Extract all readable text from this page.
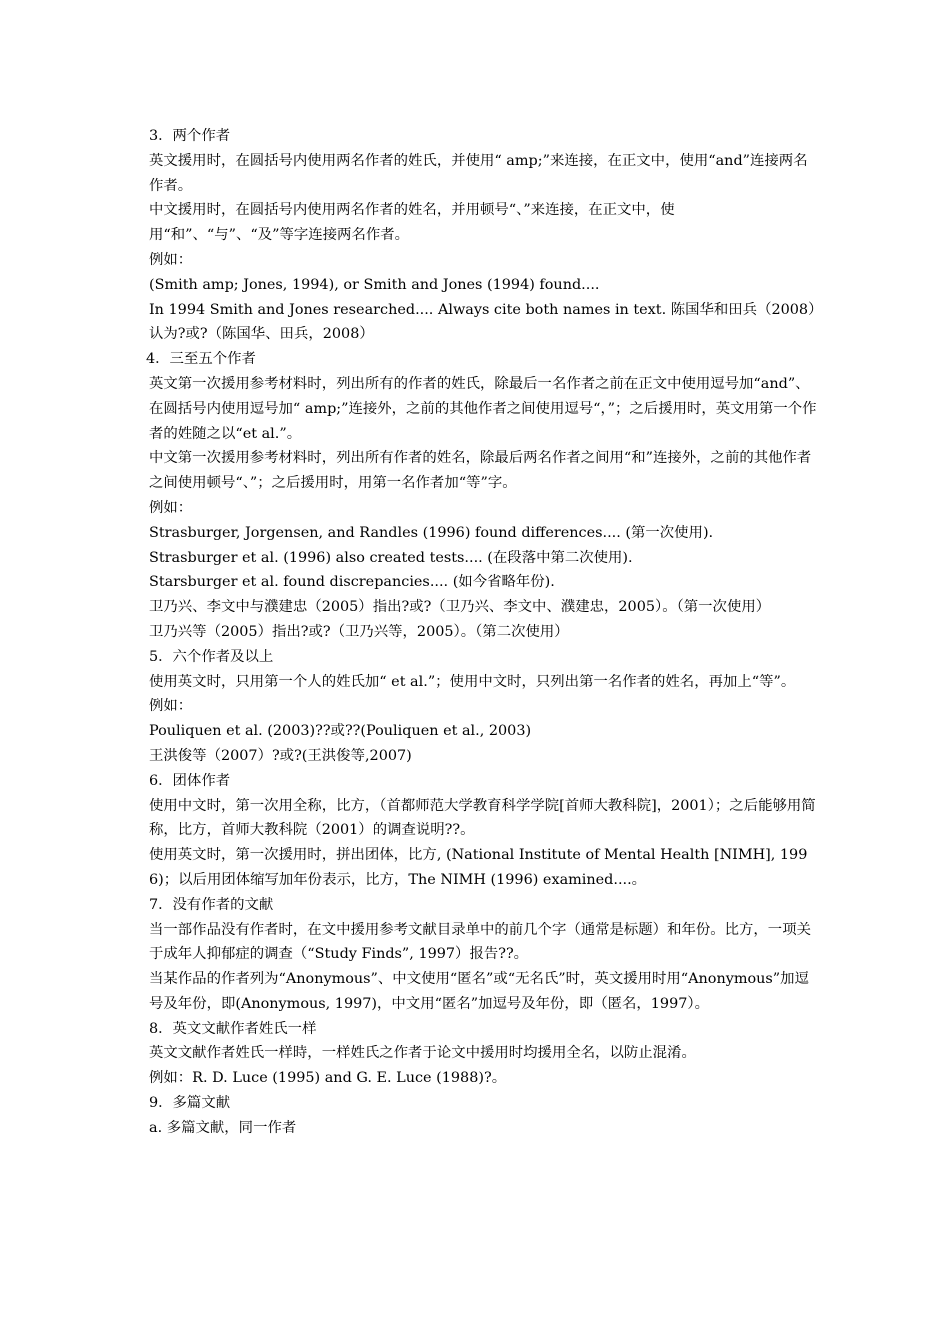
3．两个作者

英文援用时，在圆括号内使用两名作者的姓氏，并使用“ amp;”来连接，在正文中，使用“and”连接两名作者。

中文援用时，在圆括号内使用两名作者的姓名，并用顿号“、”来连接，在正文中，使用“和”、“与”、“及”等字连接两名作者。

例如：

(Smith amp; Jones, 1994), or Smith and Jones (1994) found....

In 1994 Smith and Jones researched.... Always cite both names in text. 陈国华和田兵（2008）认为?或?（陈国华、田兵，2008）

4．三至五个作者

英文第一次援用参考材料时，列出所有的作者的姓氏，除最后一名作者之前在正文中使用逗号加“and”、在圆括号内使用逗号加“ amp;”连接外，之前的其他作者之间使用逗号“，”；之后援用时，英文用第一个作者的姓随之以“et al.”。

中文第一次援用参考材料时，列出所有作者的姓名，除最后两名作者之间用“和”连接外，之前的其他作者之间使用顿号“、”；之后援用时，用第一名作者加“等”字。

例如：

Strasburger, Jorgensen, and Randles (1996) found differences.... (第一次使用).

Strasburger et al. (1996) also created tests.... (在段落中第二次使用).

Starsburger et al. found discrepancies.... (如今省略年份).

卫乃兴、李文中与濮建忠（2005）指出?或?（卫乃兴、李文中、濮建忠，2005）。（第一次使用）

卫乃兴等（2005）指出?或?（卫乃兴等，2005）。（第二次使用）

5．六个作者及以上

使用英文时，只用第一个人的姓氏加“ et al.”；使用中文时，只列出第一名作者的姓名，再加上“等”。

例如：

Pouliquen et al. (2003)??或??(Pouliquen et al., 2003)

王洪俊等（2007）?或?(王洪俊等,2007)

6．团体作者

使用中文时，第一次用全称，比方，（首都师范大学教育科学学院[首师大教科院]，2001）；之后能够用简称，比方，首师大教科院（2001）的调查说明??。

使用英文时，第一次援用时，拼出团体，比方, (National Institute of Mental Health [NIMH], 1996)；以后用团体缩写加年份表示，比方，The NIMH (1996) examined....。

7．没有作者的文献

当一部作品没有作者时，在文中援用参考文献目录单中的前几个字（通常是标题）和年份。比方，一项关于成年人抑郁症的调查（“Study Finds”, 1997）报告??。

当某作品的作者列为“Anonymous”、中文使用“匿名”或“无名氏”时，英文援用时用“Anonymous”加逗号及年份，即(Anonymous, 1997)，中文用“匿名”加逗号及年份，即（匿名，1997）。

8．英文文献作者姓氏一样

英文文献作者姓氏一样時，一样姓氏之作者于论文中援用时均援用全名，以防止混淆。

例如：R. D. Luce (1995) and G. E. Luce (1988)?。

9．多篇文献

a. 多篇文献，同一作者
